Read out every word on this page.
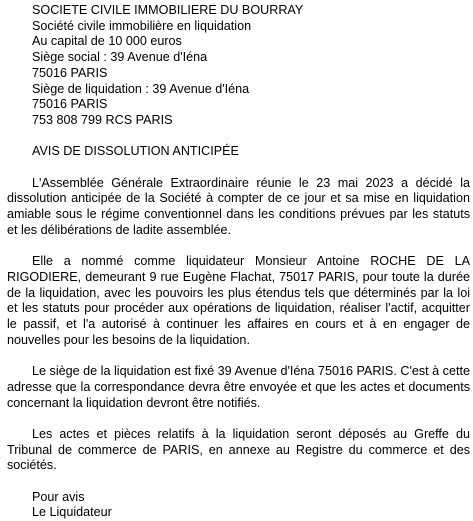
SOCIETE CIVILE IMMOBILIERE DU BOURRAY
Société civile immobilière en liquidation
Au capital de 10 000 euros
Siège social : 39 Avenue d'Iéna
75016 PARIS
Siège de liquidation : 39 Avenue d'Iéna
75016 PARIS
753 808 799 RCS PARIS
AVIS DE DISSOLUTION ANTICIPÉE

L'Assemblée Générale Extraordinaire réunie le 23 mai 2023 a décidé la dissolution anticipée de la Société à compter de ce jour et sa mise en liquidation amiable sous le régime conventionnel dans les conditions prévues par les statuts et les délibérations de ladite assemblée.

Elle a nommé comme liquidateur Monsieur Antoine ROCHE DE LA RIGODIERE, demeurant 9 rue Eugène Flachat, 75017 PARIS, pour toute la durée de la liquidation, avec les pouvoirs les plus étendus tels que déterminés par la loi et les statuts pour procéder aux opérations de liquidation, réaliser l'actif, acquitter le passif, et l'a autorisé à continuer les affaires en cours et à en engager de nouvelles pour les besoins de la liquidation.

Le siège de la liquidation est fixé 39 Avenue d'Iéna 75016 PARIS. C'est à cette adresse que la correspondance devra être envoyée et que les actes et documents concernant la liquidation devront être notifiés.

Les actes et pièces relatifs à la liquidation seront déposés au Greffe du Tribunal de commerce de PARIS, en annexe au Registre du commerce et des sociétés.

Pour avis
Le Liquidateur
